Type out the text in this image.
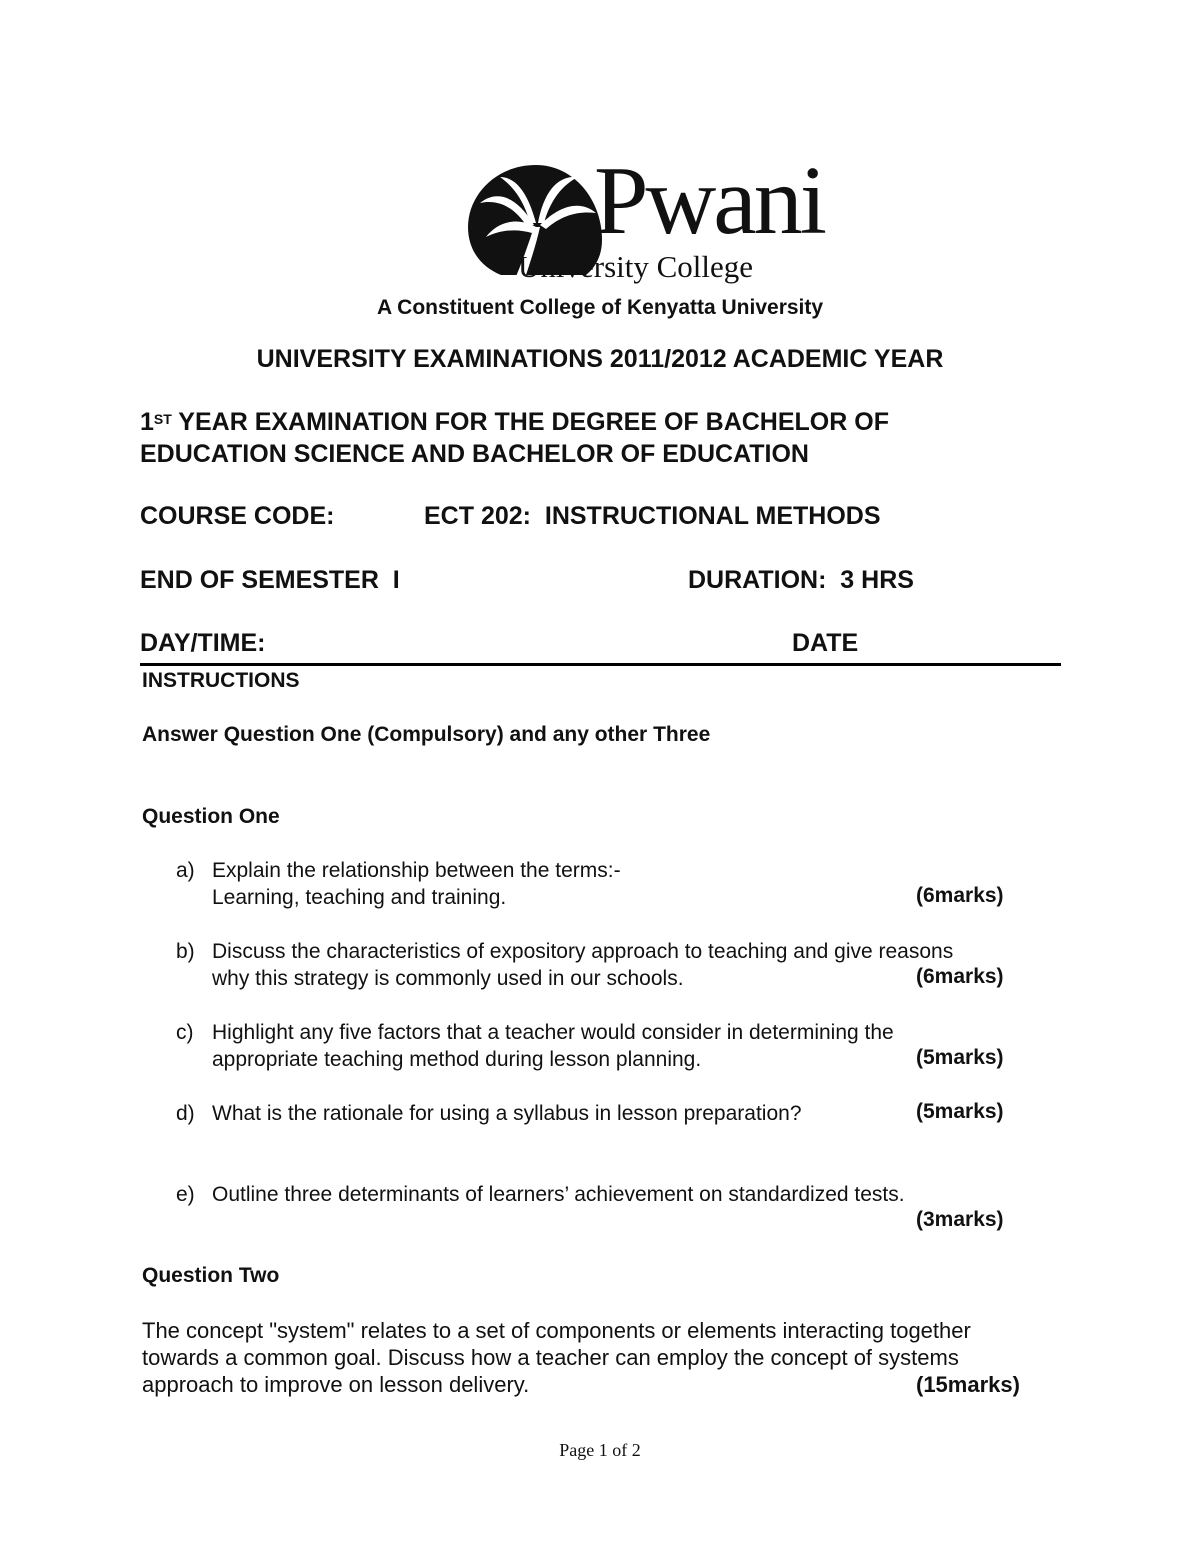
Pwani
University College
A Constituent College of Kenyatta University
UNIVERSITY EXAMINATIONS 2011/2012 ACADEMIC YEAR
1ST YEAR EXAMINATION FOR THE DEGREE OF BACHELOR OF
EDUCATION SCIENCE AND BACHELOR OF EDUCATION
COURSE CODE:	ECT 202:  INSTRUCTIONAL METHODS
END OF SEMESTER  I	DURATION:  3 HRS
DAY/TIME:	DATE
INSTRUCTIONS
Answer Question One (Compulsory) and any other Three
Question One
a) Explain the relationship between the terms:-
Learning, teaching and training.	(6marks)
b) Discuss the characteristics of expository approach to teaching and give reasons
why this strategy is commonly used in our schools.	(6marks)
c) Highlight any five factors that a teacher would consider in determining the
appropriate teaching method during lesson planning.	(5marks)
d) What is the rationale for using a syllabus in lesson preparation?	(5marks)
e) Outline three determinants of learners’ achievement on standardized tests.
(3marks)
Question Two
The concept "system" relates to a set of components or elements interacting together
towards a common goal. Discuss how a teacher can employ the concept of systems
approach to improve on lesson delivery.	(15marks)
Page 1 of 2
